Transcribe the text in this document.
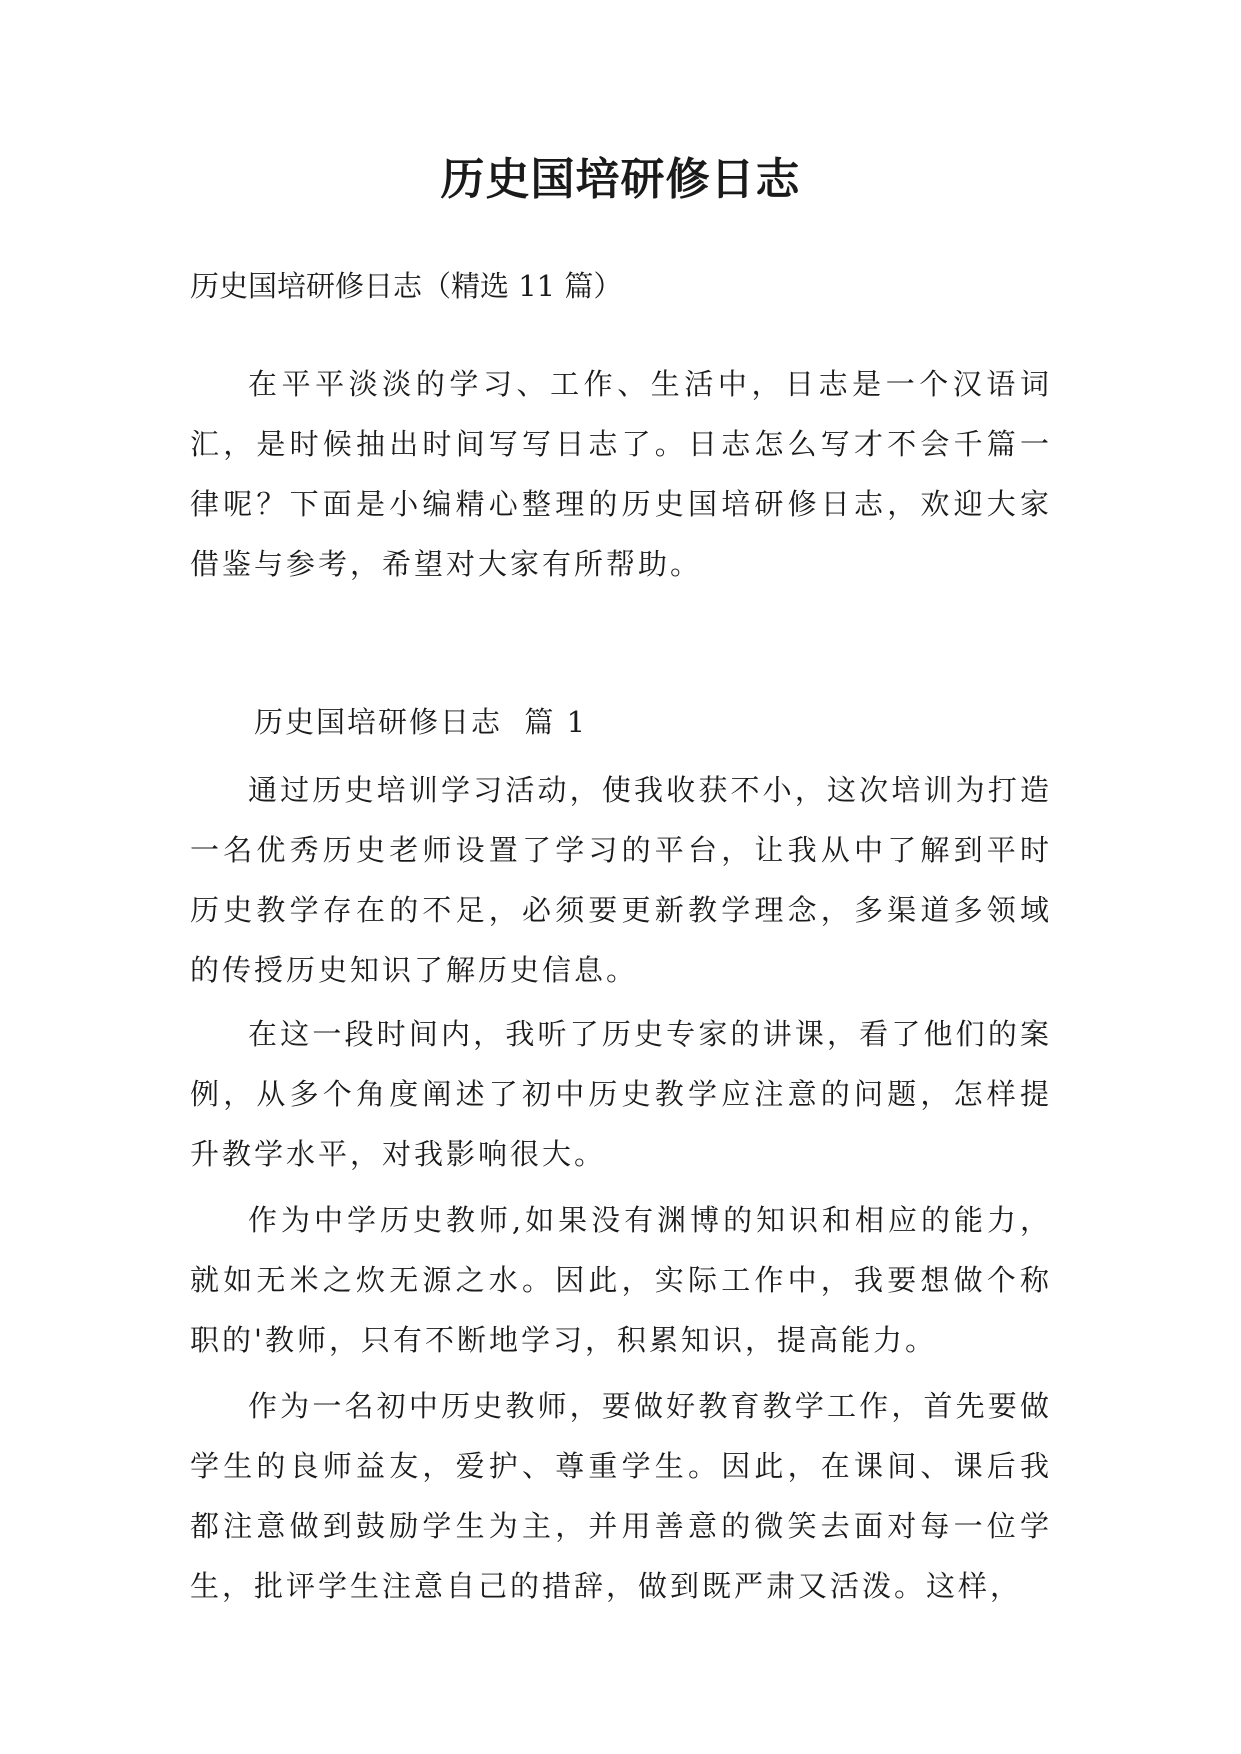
历史国培研修日志

历史国培研修日志（精选 11 篇）

在平平淡淡的学习、工作、生活中，日志是一个汉语词汇，是时候抽出时间写写日志了。日志怎么写才不会千篇一律呢？下面是小编精心整理的历史国培研修日志，欢迎大家借鉴与参考，希望对大家有所帮助。

历史国培研修日志  篇 1

通过历史培训学习活动，使我收获不小，这次培训为打造一名优秀历史老师设置了学习的平台，让我从中了解到平时历史教学存在的不足，必须要更新教学理念，多渠道多领域的传授历史知识了解历史信息。

在这一段时间内，我听了历史专家的讲课，看了他们的案例，从多个角度阐述了初中历史教学应注意的问题，怎样提升教学水平，对我影响很大。

作为中学历史教师,如果没有渊博的知识和相应的能力，就如无米之炊无源之水。因此，实际工作中，我要想做个称职的'教师，只有不断地学习，积累知识，提高能力。

作为一名初中历史教师，要做好教育教学工作，首先要做学生的良师益友，爱护、尊重学生。因此，在课间、课后我都注意做到鼓励学生为主，并用善意的微笑去面对每一位学生，批评学生注意自己的措辞，做到既严肃又活泼。这样，
